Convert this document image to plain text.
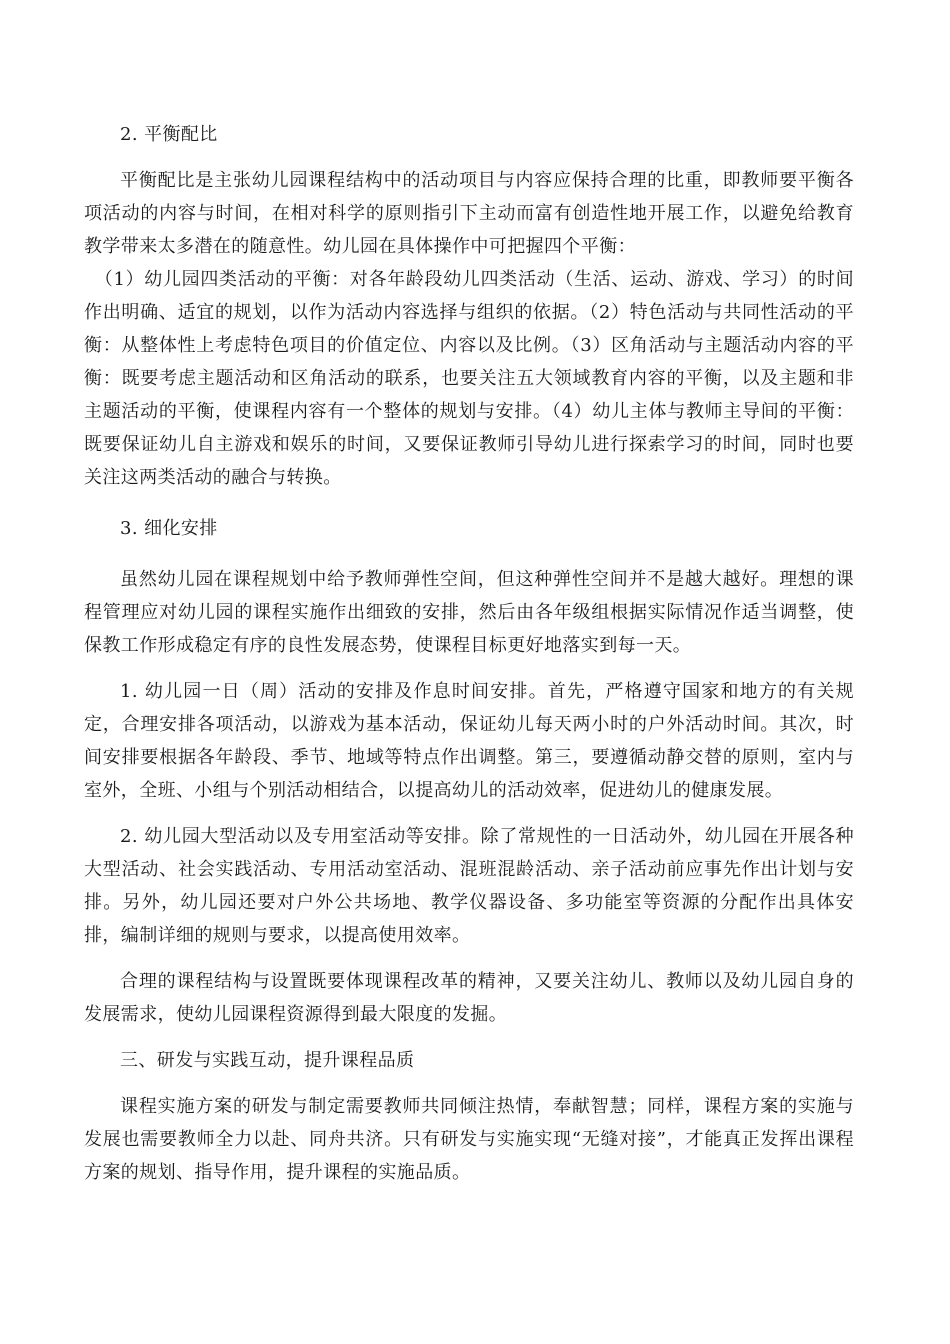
2. 平衡配比

平衡配比是主张幼儿园课程结构中的活动项目与内容应保持合理的比重，即教师要平衡各项活动的内容与时间，在相对科学的原则指引下主动而富有创造性地开展工作，以避免给教育教学带来太多潜在的随意性。幼儿园在具体操作中可把握四个平衡：

（1）幼儿园四类活动的平衡：对各年龄段幼儿四类活动（生活、运动、游戏、学习）的时间作出明确、适宜的规划，以作为活动内容选择与组织的依据。（2）特色活动与共同性活动的平衡：从整体性上考虑特色项目的价值定位、内容以及比例。（3）区角活动与主题活动内容的平衡：既要考虑主题活动和区角活动的联系，也要关注五大领域教育内容的平衡，以及主题和非主题活动的平衡，使课程内容有一个整体的规划与安排。（4）幼儿主体与教师主导间的平衡：既要保证幼儿自主游戏和娱乐的时间，又要保证教师引导幼儿进行探索学习的时间，同时也要关注这两类活动的融合与转换。

3. 细化安排

虽然幼儿园在课程规划中给予教师弹性空间，但这种弹性空间并不是越大越好。理想的课程管理应对幼儿园的课程实施作出细致的安排，然后由各年级组根据实际情况作适当调整，使保教工作形成稳定有序的良性发展态势，使课程目标更好地落实到每一天。

1. 幼儿园一日（周）活动的安排及作息时间安排。首先，严格遵守国家和地方的有关规定，合理安排各项活动，以游戏为基本活动，保证幼儿每天两小时的户外活动时间。其次，时间安排要根据各年龄段、季节、地域等特点作出调整。第三，要遵循动静交替的原则，室内与室外，全班、小组与个别活动相结合，以提高幼儿的活动效率，促进幼儿的健康发展。

2. 幼儿园大型活动以及专用室活动等安排。除了常规性的一日活动外，幼儿园在开展各种大型活动、社会实践活动、专用活动室活动、混班混龄活动、亲子活动前应事先作出计划与安排。另外，幼儿园还要对户外公共场地、教学仪器设备、多功能室等资源的分配作出具体安排，编制详细的规则与要求，以提高使用效率。

合理的课程结构与设置既要体现课程改革的精神，又要关注幼儿、教师以及幼儿园自身的发展需求，使幼儿园课程资源得到最大限度的发掘。

三、研发与实践互动，提升课程品质

课程实施方案的研发与制定需要教师共同倾注热情，奉献智慧；同样，课程方案的实施与发展也需要教师全力以赴、同舟共济。只有研发与实施实现“无缝对接”，才能真正发挥出课程方案的规划、指导作用，提升课程的实施品质。
